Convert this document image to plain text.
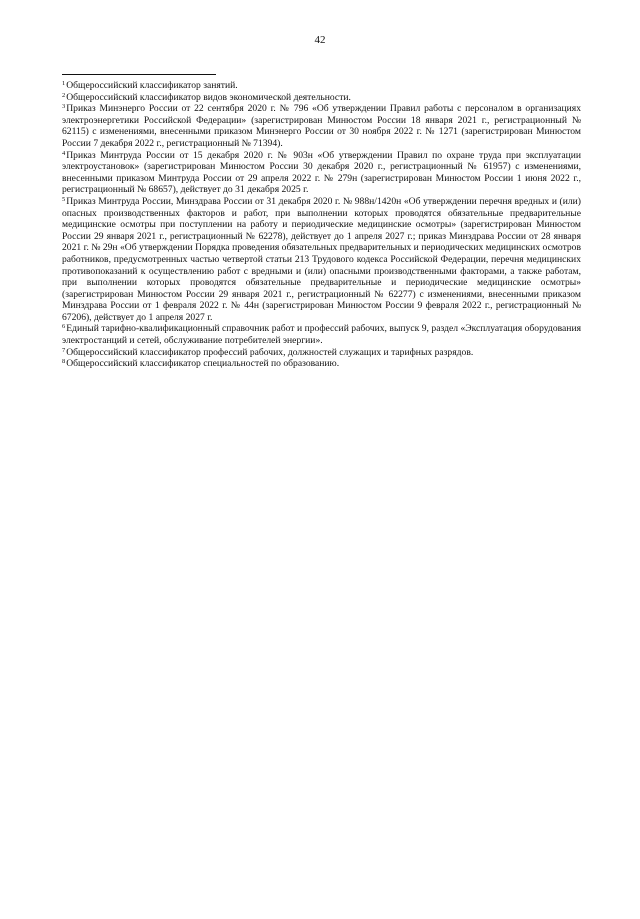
42

$^1$Общероссийский классификатор занятий.

$^2$Общероссийский классификатор видов экономической деятельности.

$^3$Приказ Минэнерго России от 22 сентября 2020 г. № 796 «Об утверждении Правил работы с персоналом в организациях электроэнергетики Российской Федерации» (зарегистрирован Минюстом России 18 января 2021 г., регистрационный № 62115) с изменениями, внесенными приказом Минэнерго России от 30 ноября 2022 г. № 1271 (зарегистрирован Минюстом России 7 декабря 2022 г., регистрационный № 71394).

$^4$Приказ Минтруда России от 15 декабря 2020 г. № 903н «Об утверждении Правил по охране труда при эксплуатации электроустановок» (зарегистрирован Минюстом России 30 декабря 2020 г., регистрационный № 61957) с изменениями, внесенными приказом Минтруда России от 29 апреля 2022 г. № 279н (зарегистрирован Минюстом России 1 июня 2022 г., регистрационный № 68657), действует до 31 декабря 2025 г.

$^5$Приказ Минтруда России, Минздрава России от 31 декабря 2020 г. № 988н/1420н «Об утверждении перечня вредных и (или) опасных производственных факторов и работ, при выполнении которых проводятся обязательные предварительные медицинские осмотры при поступлении на работу и периодические медицинские осмотры» (зарегистрирован Минюстом России 29 января 2021 г., регистрационный № 62278), действует до 1 апреля 2027 г.; приказ Минздрава России от 28 января 2021 г. № 29н «Об утверждении Порядка проведения обязательных предварительных и периодических медицинских осмотров работников, предусмотренных частью четвертой статьи 213 Трудового кодекса Российской Федерации, перечня медицинских противопоказаний к осуществлению работ с вредными и (или) опасными производственными факторами, а также работам, при выполнении которых проводятся обязательные предварительные и периодические медицинские осмотры» (зарегистрирован Минюстом России 29 января 2021 г., регистрационный № 62277) с изменениями, внесенными приказом Минздрава России от 1 февраля 2022 г. № 44н (зарегистрирован Минюстом России 9 февраля 2022 г., регистрационный № 67206), действует до 1 апреля 2027 г.

$^6$Единый тарифно-квалификационный справочник работ и профессий рабочих, выпуск 9, раздел «Эксплуатация оборудования электростанций и сетей, обслуживание потребителей энергии».

$^7$Общероссийский классификатор профессий рабочих, должностей служащих и тарифных разрядов.

$^8$Общероссийский классификатор специальностей по образованию.
